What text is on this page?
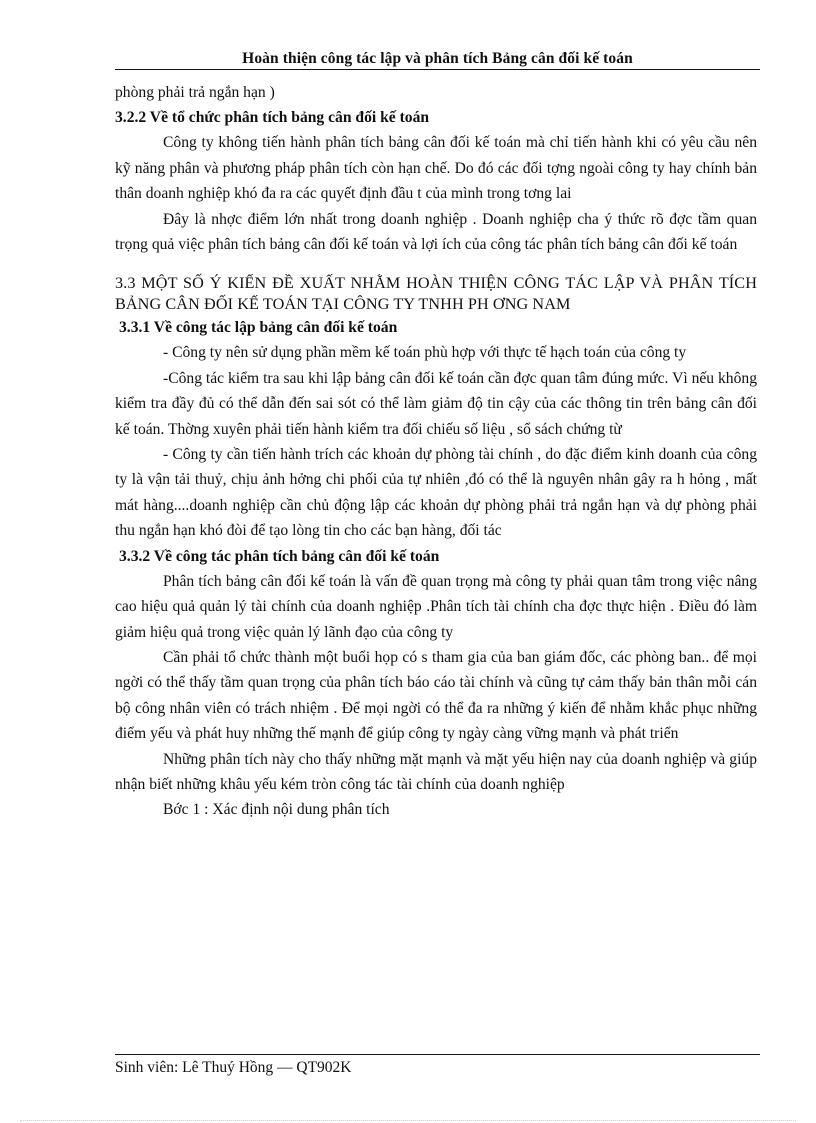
Hoàn thiện công tác lập và phân tích Bảng cân đối kế toán

phòng phải trả ngắn hạn )

3.2.2 Về tổ chức phân tích bảng cân đối kế toán

Công ty không tiến hành phân tích bảng cân đối kế toán mà chỉ tiến hành khi có yêu cầu nên kỹ năng phân và phương pháp phân tích còn hạn chế. Do đó các đối tợng ngoài công ty hay chính bản thân doanh nghiệp khó đa ra các quyết định đầu t của mình trong tơng lai

Đây là nhợc điểm lớn nhất trong doanh nghiệp . Doanh nghiệp cha ý thức rõ đợc tầm quan trọng quả việc phân tích bảng cân đối kế toán và lợi ích của công tác phân tích bảng cân đối kế toán

3.3 MỘT SỐ Ý KIẾN ĐỀ XUẤT NHẰM HOÀN THIỆN CÔNG TÁC LẬP VÀ PHÂN TÍCH BẢNG CÂN ĐỐI KẾ TOÁN TẠI CÔNG TY TNHH PH ƠNG NAM

3.3.1 Về công tác lập bảng cân đối kế toán

- Công ty nên sử dụng phần mềm kế toán phù hợp với thực tế hạch toán của công ty

-Công tác kiểm tra sau khi lập bảng cân đối kế toán cần đợc quan tâm đúng mức. Vì nếu không kiểm tra đầy đủ có thể dẫn đến sai sót có thể làm giảm độ tin cậy của các thông tin trên bảng cân đối kế toán. Thờng xuyên phải tiến hành kiểm tra đối chiếu số liệu , sổ sách chứng từ

- Công ty cần tiến hành trích các khoản dự phòng tài chính , do đặc điểm kinh doanh của công ty là vận tải thuỷ, chịu ảnh hởng chi phối của tự nhiên ,đó có thể là nguyên nhân gây ra h hỏng , mất mát hàng....doanh nghiệp cần chủ động lập các khoản dự phòng phải trả ngắn hạn và dự phòng phải thu ngắn hạn khó đòi để tạo lòng tin cho các bạn hàng, đối tác

3.3.2 Về công tác phân tích bảng cân đối kế toán

Phân tích bảng cân đối kế toán là vấn đề quan trọng mà công ty phải quan tâm trong việc nâng cao hiệu quả quản lý tài chính của doanh nghiệp .Phân tích tài chính cha đợc thực hiện . Điều đó làm giảm hiệu quả trong việc quản lý lãnh đạo của công ty

Cần phải tổ chức thành một buổi họp có s tham gia của ban giám đốc, các phòng ban.. để mọi ngời có thể thấy tầm quan trọng của phân tích báo cáo tài chính và cũng tự cảm thấy bản thân mỗi cán bộ công nhân viên có trách nhiệm . Để mọi ngời có thể đa ra những ý kiến để nhằm khắc phục những điểm yếu và phát huy những thế mạnh để giúp công ty ngày càng vững mạnh và phát triển

Những phân tích này cho thấy những mặt mạnh và mặt yếu hiện nay của doanh nghiệp và giúp nhận biết những khâu yếu kém tròn công tác tài chính của doanh nghiệp

Bớc 1 : Xác định nội dung phân tích

Sinh viên: Lê Thuý Hồng — QT902K
